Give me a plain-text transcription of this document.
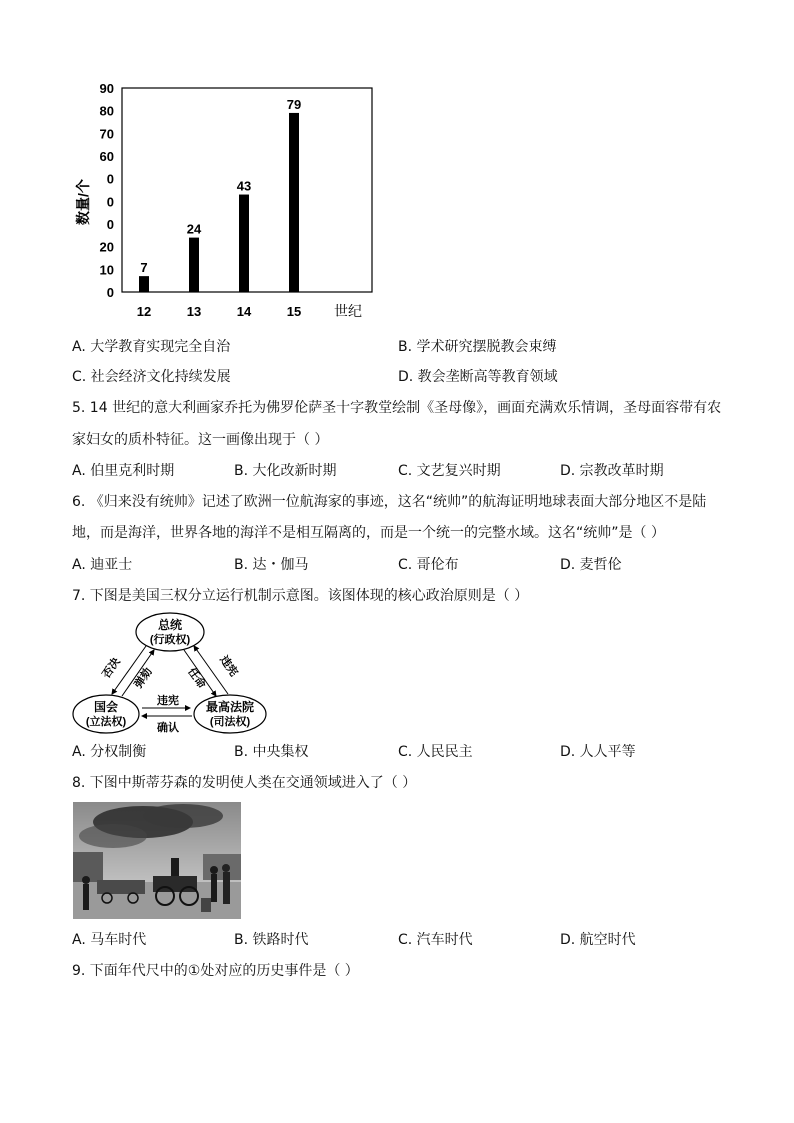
0
10
20
0
0
0
60
70
80
90
7
24
43
79
12	13	14	15
数量/个
世纪
A. 大学教育实现完全自治	B. 学术研究摆脱教会束缚
C. 社会经济文化持续发展	D. 教会垄断高等教育领域
5. 14 世纪的意大利画家乔托为佛罗伦萨圣十字教堂绘制《圣母像》，画面充满欢乐情调，圣母面容带有农
家妇女的质朴特征。这一画像出现于（ ）
A. 伯里克利时期	B. 大化改新时期	C. 文艺复兴时期	D. 宗教改革时期
6. 《归来没有统帅》记述了欧洲一位航海家的事迹，这名“统帅”的航海证明地球表面大部分地区不是陆
地，而是海洋，世界各地的海洋不是相互隔离的，而是一个统一的完整水域。这名“统帅”是（ ）
A. 迪亚士	B. 达・伽马	C. 哥伦布	D. 麦哲伦
7. 下图是美国三权分立运行机制示意图。该图体现的核心政治原则是（ ）
总统
(行政权)
国会
(立法权)
最高法院
(司法权)
否决 弹劾	任命 违宪
违宪
确认
A. 分权制衡	B. 中央集权	C. 人民民主	D. 人人平等
8. 下图中斯蒂芬森的发明使人类在交通领域进入了（ ）
A. 马车时代	B. 铁路时代	C. 汽车时代	D. 航空时代
9. 下面年代尺中的①处对应的历史事件是（ ）
